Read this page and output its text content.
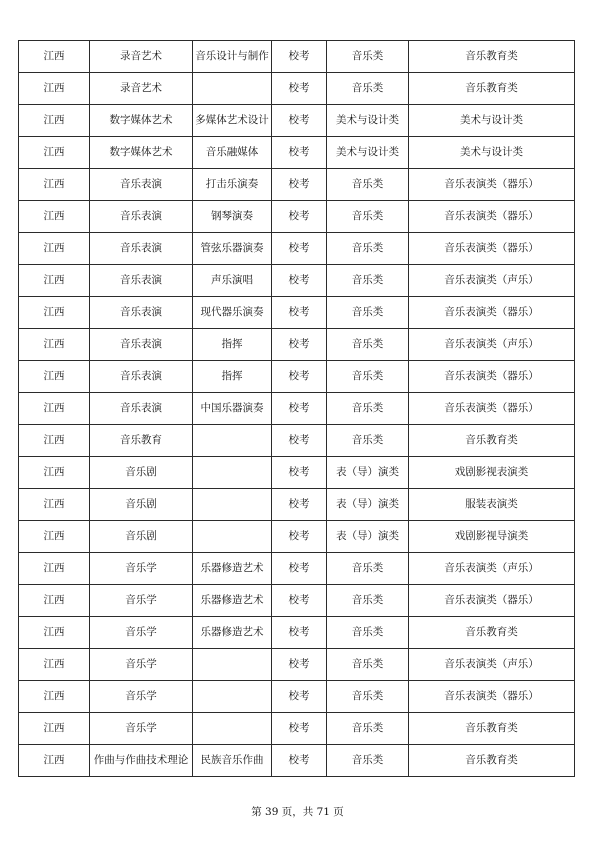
江西	录音艺术	音乐设计与制作	校考	音乐类	音乐教育类
江西	录音艺术		校考	音乐类	音乐教育类
江西	数字媒体艺术	多媒体艺术设计	校考	美术与设计类	美术与设计类
江西	数字媒体艺术	音乐融媒体	校考	美术与设计类	美术与设计类
江西	音乐表演	打击乐演奏	校考	音乐类	音乐表演类（器乐）
江西	音乐表演	钢琴演奏	校考	音乐类	音乐表演类（器乐）
江西	音乐表演	管弦乐器演奏	校考	音乐类	音乐表演类（器乐）
江西	音乐表演	声乐演唱	校考	音乐类	音乐表演类（声乐）
江西	音乐表演	现代器乐演奏	校考	音乐类	音乐表演类（器乐）
江西	音乐表演	指挥	校考	音乐类	音乐表演类（声乐）
江西	音乐表演	指挥	校考	音乐类	音乐表演类（器乐）
江西	音乐表演	中国乐器演奏	校考	音乐类	音乐表演类（器乐）
江西	音乐教育		校考	音乐类	音乐教育类
江西	音乐剧		校考	表（导）演类	戏剧影视表演类
江西	音乐剧		校考	表（导）演类	服装表演类
江西	音乐剧		校考	表（导）演类	戏剧影视导演类
江西	音乐学	乐器修造艺术	校考	音乐类	音乐表演类（声乐）
江西	音乐学	乐器修造艺术	校考	音乐类	音乐表演类（器乐）
江西	音乐学	乐器修造艺术	校考	音乐类	音乐教育类
江西	音乐学		校考	音乐类	音乐表演类（声乐）
江西	音乐学		校考	音乐类	音乐表演类（器乐）
江西	音乐学		校考	音乐类	音乐教育类
江西	作曲与作曲技术理论	民族音乐作曲	校考	音乐类	音乐教育类
第 39 页，共 71 页
